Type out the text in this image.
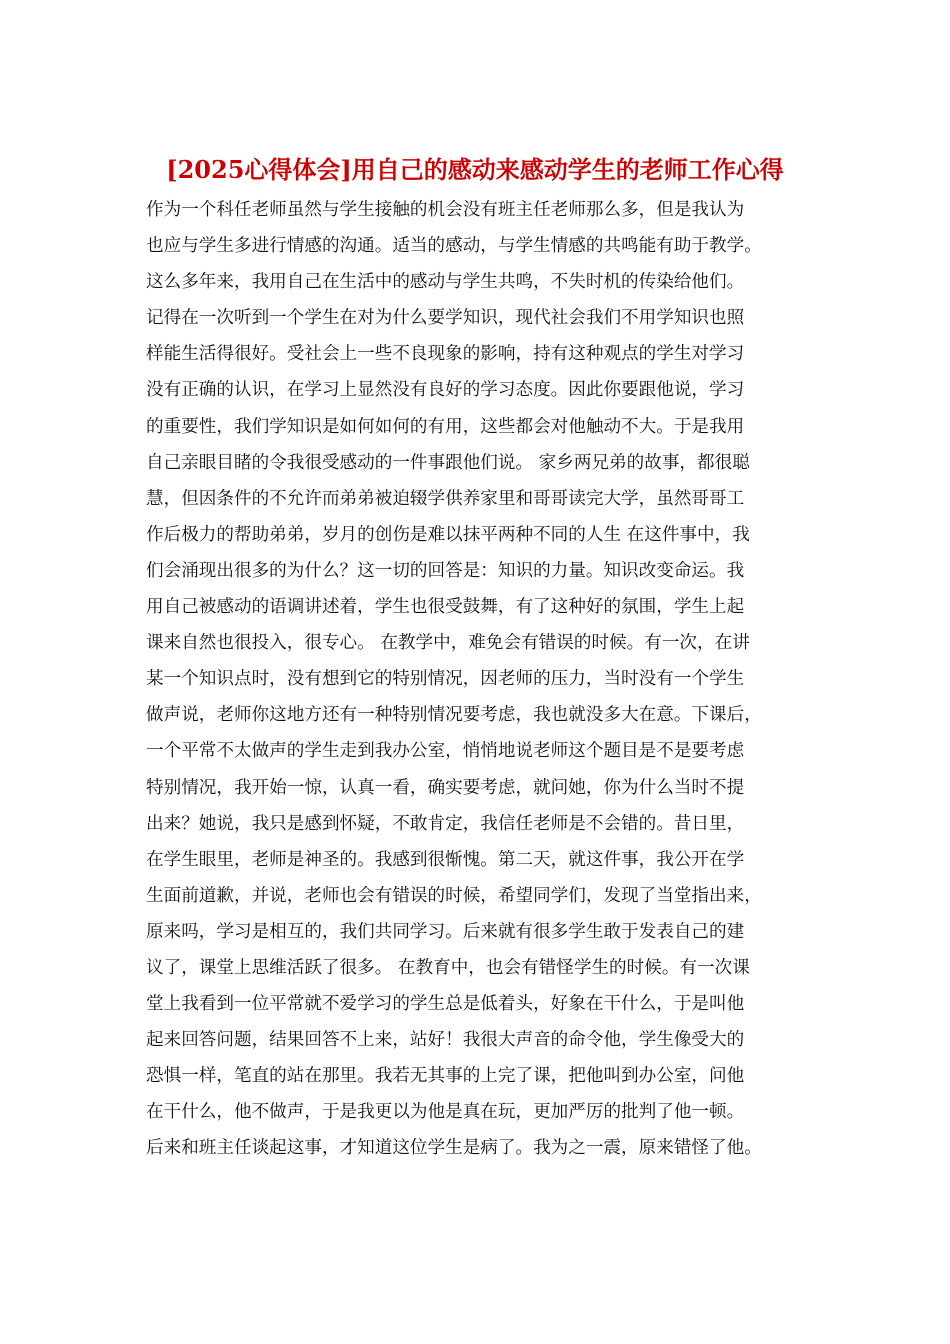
[2025心得体会]用自己的感动来感动学生的老师工作心得
作为一个科任老师虽然与学生接触的机会没有班主任老师那么多，但是我认为
也应与学生多进行情感的沟通。适当的感动，与学生情感的共鸣能有助于教学。
这么多年来，我用自己在生活中的感动与学生共鸣，不失时机的传染给他们。
记得在一次听到一个学生在对为什么要学知识，现代社会我们不用学知识也照
样能生活得很好。受社会上一些不良现象的影响，持有这种观点的学生对学习
没有正确的认识，在学习上显然没有良好的学习态度。因此你要跟他说，学习
的重要性，我们学知识是如何如何的有用，这些都会对他触动不大。于是我用
自己亲眼目睹的令我很受感动的一件事跟他们说。 家乡两兄弟的故事，都很聪
慧，但因条件的不允许而弟弟被迫辍学供养家里和哥哥读完大学，虽然哥哥工
作后极力的帮助弟弟，岁月的创伤是难以抹平两种不同的人生 在这件事中，我
们会涌现出很多的为什么？这一切的回答是：知识的力量。知识改变命运。我
用自己被感动的语调讲述着，学生也很受鼓舞，有了这种好的氛围，学生上起
课来自然也很投入，很专心。 在教学中，难免会有错误的时候。有一次，在讲
某一个知识点时，没有想到它的特别情况，因老师的压力，当时没有一个学生
做声说，老师你这地方还有一种特别情况要考虑，我也就没多大在意。下课后，
一个平常不太做声的学生走到我办公室，悄悄地说老师这个题目是不是要考虑
特别情况，我开始一惊，认真一看，确实要考虑，就问她，你为什么当时不提
出来？她说，我只是感到怀疑，不敢肯定，我信任老师是不会错的。昔日里，
在学生眼里，老师是神圣的。我感到很惭愧。第二天，就这件事，我公开在学
生面前道歉，并说，老师也会有错误的时候，希望同学们，发现了当堂指出来，
原来吗，学习是相互的，我们共同学习。后来就有很多学生敢于发表自己的建
议了，课堂上思维活跃了很多。 在教育中，也会有错怪学生的时候。有一次课
堂上我看到一位平常就不爱学习的学生总是低着头，好象在干什么，于是叫他
起来回答问题，结果回答不上来，站好！我很大声音的命令他，学生像受大的
恐惧一样，笔直的站在那里。我若无其事的上完了课，把他叫到办公室，问他
在干什么，他不做声，于是我更以为他是真在玩，更加严厉的批判了他一顿。
后来和班主任谈起这事，才知道这位学生是病了。我为之一震，原来错怪了他。
